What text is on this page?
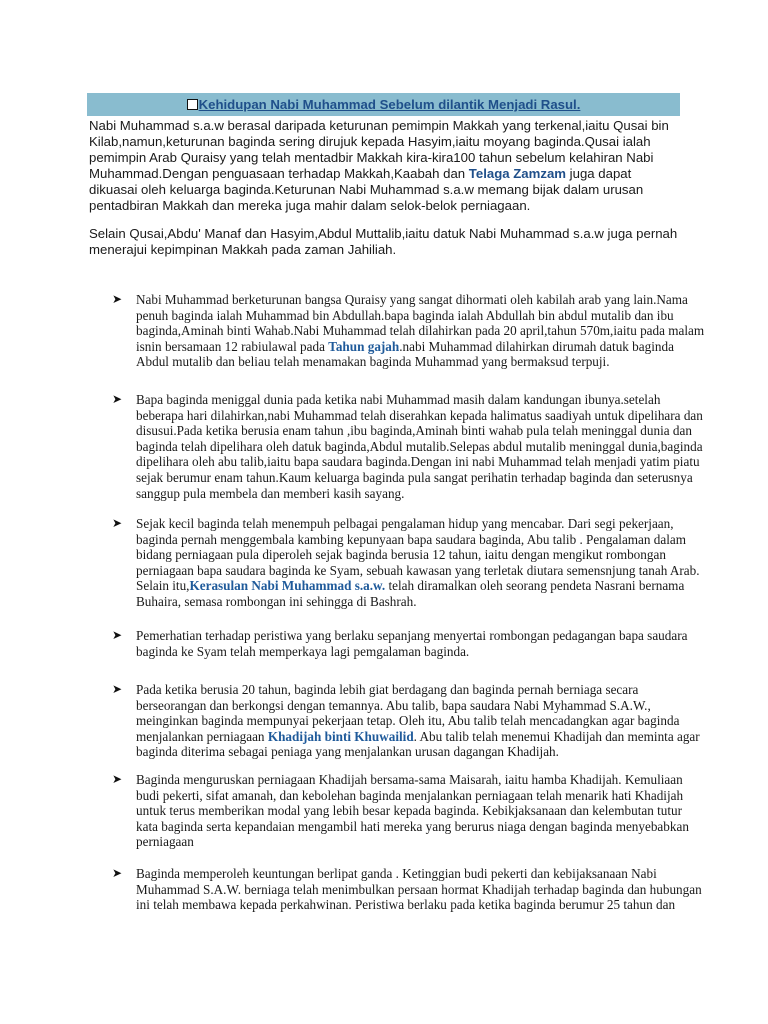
Kehidupan Nabi Muhammad Sebelum dilantik Menjadi Rasul.

Nabi Muhammad s.a.w berasal daripada keturunan pemimpin Makkah yang terkenal,iaitu Qusai bin Kilab,namun,keturunan baginda sering dirujuk kepada Hasyim,iaitu moyang baginda.Qusai ialah pemimpin Arab Quraisy yang telah mentadbir Makkah kira-kira100 tahun sebelum kelahiran Nabi Muhammad.Dengan penguasaan terhadap Makkah,Kaabah dan Telaga Zamzam juga dapat dikuasai oleh keluarga baginda.Keturunan Nabi Muhammad s.a.w memang bijak dalam urusan pentadbiran Makkah dan mereka juga mahir dalam selok-belok perniagaan.

Selain Qusai,Abdu' Manaf dan Hasyim,Abdul Muttalib,iaitu datuk Nabi Muhammad s.a.w juga pernah menerajui kepimpinan Makkah pada zaman Jahiliah.

➤ Nabi Muhammad berketurunan bangsa Quraisy yang sangat dihormati oleh kabilah arab yang lain.Nama penuh baginda ialah Muhammad bin Abdullah.bapa baginda ialah Abdullah bin abdul mutalib dan ibu baginda,Aminah binti Wahab.Nabi Muhammad telah dilahirkan pada 20 april,tahun 570m,iaitu pada malam isnin bersamaan 12 rabiulawal pada Tahun gajah.nabi Muhammad dilahirkan dirumah datuk baginda Abdul mutalib dan beliau telah menamakan baginda Muhammad yang bermaksud terpuji.
➤ Bapa baginda meniggal dunia pada ketika nabi Muhammad masih dalam kandungan ibunya.setelah beberapa hari dilahirkan,nabi Muhammad telah diserahkan kepada halimatus saadiyah untuk dipelihara dan disusui.Pada ketika berusia enam tahun ,ibu baginda,Aminah binti wahab pula telah meninggal dunia dan baginda telah dipelihara oleh datuk baginda,Abdul mutalib.Selepas abdul mutalib meninggal dunia,baginda dipelihara oleh abu talib,iaitu bapa saudara baginda.Dengan ini nabi Muhammad telah menjadi yatim piatu sejak berumur enam tahun.Kaum keluarga baginda pula sangat perihatin terhadap baginda dan seterusnya sanggup pula membela dan memberi kasih sayang.
➤ Sejak kecil baginda telah menempuh pelbagai pengalaman hidup yang mencabar. Dari segi pekerjaan, baginda pernah menggembala kambing kepunyaan bapa saudara baginda, Abu talib . Pengalaman dalam bidang perniagaan pula diperoleh sejak baginda berusia 12 tahun, iaitu dengan mengikut rombongan perniagaan bapa saudara baginda ke Syam, sebuah kawasan yang terletak diutara semensnjung tanah Arab. Selain itu,Kerasulan Nabi Muhammad s.a.w. telah diramalkan oleh seorang pendeta Nasrani bernama Buhaira, semasa rombongan ini sehingga di Bashrah.
➤ Pemerhatian terhadap peristiwa yang berlaku sepanjang menyertai rombongan pedagangan bapa saudara baginda ke Syam telah memperkaya lagi pemgalaman baginda.
➤ Pada ketika berusia 20 tahun, baginda lebih giat berdagang dan baginda pernah berniaga secara berseorangan dan berkongsi dengan temannya. Abu talib, bapa saudara Nabi Myhammad S.A.W., meinginkan baginda mempunyai pekerjaan tetap. Oleh itu, Abu talib telah mencadangkan agar baginda menjalankan perniagaan Khadijah binti Khuwailid. Abu talib telah menemui Khadijah dan meminta agar baginda diterima sebagai peniaga yang menjalankan urusan dagangan Khadijah.
➤ Baginda menguruskan perniagaan Khadijah bersama-sama Maisarah, iaitu hamba Khadijah. Kemuliaan budi pekerti, sifat amanah, dan kebolehan baginda menjalankan perniagaan telah menarik hati Khadijah untuk terus memberikan modal yang lebih besar kepada baginda. Kebikjaksanaan dan kelembutan tutur kata baginda serta kepandaian mengambil hati mereka yang berurus niaga dengan baginda menyebabkan perniagaan
➤ Baginda memperoleh keuntungan berlipat ganda . Ketinggian budi pekerti dan kebijaksanaan Nabi Muhammad S.A.W. berniaga telah menimbulkan persaan hormat Khadijah terhadap baginda dan hubungan ini telah membawa kepada perkahwinan. Peristiwa berlaku pada ketika baginda berumur 25 tahun dan
